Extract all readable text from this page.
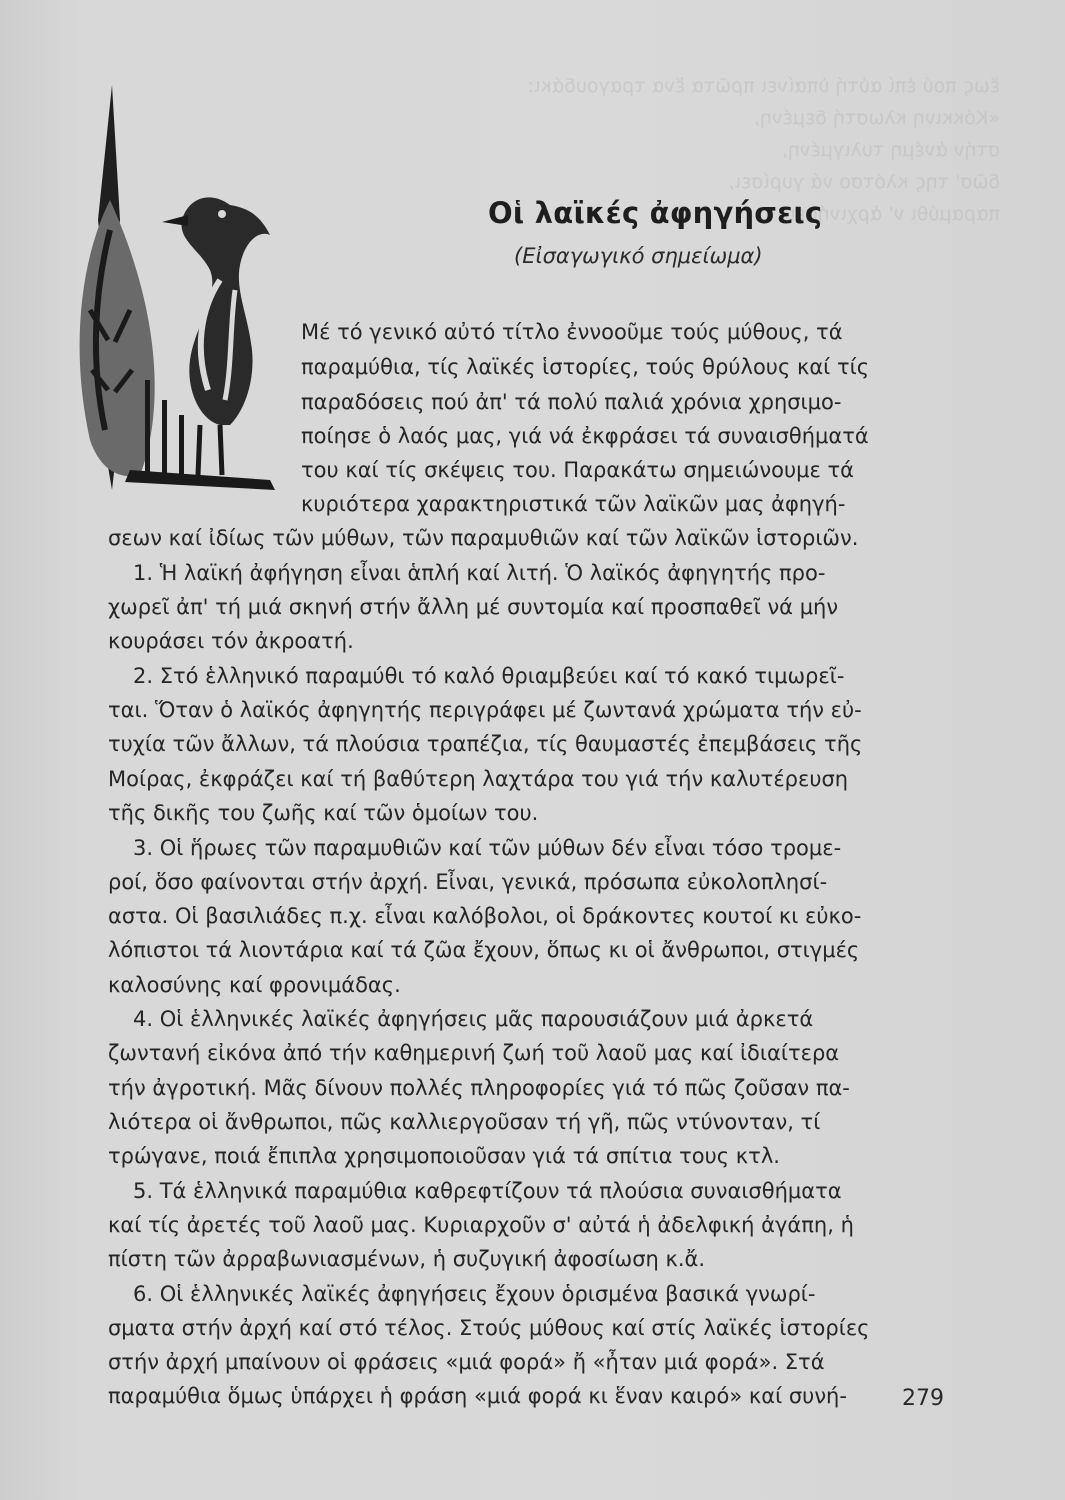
ἕως πού ἐπί αὐτή ὑπαίνει πρῶτα ἕνα τραγουδάκι:
«Κόκκινη κλωστή δεμένη,
στήν ἀνέμη τυλιγμένη,
δῶσ' της κλότσο νά γυρίσει,
παραμύθι ν' ἀρχινήσει»
Οἱ λαϊκές ἀφηγήσεις
(Εἰσαγωγικό σημείωμα)
Μέ τό γενικό αὐτό τίτλο ἐννοοῦμε τούς μύθους, τά
παραμύθια, τίς λαϊκές ἱστορίες, τούς θρύλους καί τίς
παραδόσεις πού ἀπ' τά πολύ παλιά χρόνια χρησιμο-
ποίησε ὁ λαός μας, γιά νά ἐκφράσει τά συναισθήματά
του καί τίς σκέψεις του. Παρακάτω σημειώνουμε τά
κυριότερα χαρακτηριστικά τῶν λαϊκῶν μας ἀφηγή-
σεων καί ἰδίως τῶν μύθων, τῶν παραμυθιῶν καί τῶν λαϊκῶν ἱστοριῶν.
1. Ἡ λαϊκή ἀφήγηση εἶναι ἁπλή καί λιτή. Ὁ λαϊκός ἀφηγητής προ-
χωρεῖ ἀπ' τή μιά σκηνή στήν ἄλλη μέ συντομία καί προσπαθεῖ νά μήν
κουράσει τόν ἀκροατή.
2. Στό ἑλληνικό παραμύθι τό καλό θριαμβεύει καί τό κακό τιμωρεῖ-
ται. Ὅταν ὁ λαϊκός ἀφηγητής περιγράφει μέ ζωντανά χρώματα τήν εὐ-
τυχία τῶν ἄλλων, τά πλούσια τραπέζια, τίς θαυμαστές ἐπεμβάσεις τῆς
Μοίρας, ἐκφράζει καί τή βαθύτερη λαχτάρα του γιά τήν καλυτέρευση
τῆς δικῆς του ζωῆς καί τῶν ὁμοίων του.
3. Οἱ ἥρωες τῶν παραμυθιῶν καί τῶν μύθων δέν εἶναι τόσο τρομε-
ροί, ὅσο φαίνονται στήν ἀρχή. Εἶναι, γενικά, πρόσωπα εὐκολοπλησί-
αστα. Οἱ βασιλιάδες π.χ. εἶναι καλόβολοι, οἱ δράκοντες κουτοί κι εὐκο-
λόπιστοι τά λιοντάρια καί τά ζῶα ἔχουν, ὅπως κι οἱ ἄνθρωποι, στιγμές
καλοσύνης καί φρονιμάδας.
4. Οἱ ἑλληνικές λαϊκές ἀφηγήσεις μᾶς παρουσιάζουν μιά ἀρκετά
ζωντανή εἰκόνα ἀπό τήν καθημερινή ζωή τοῦ λαοῦ μας καί ἰδιαίτερα
τήν ἀγροτική. Μᾶς δίνουν πολλές πληροφορίες γιά τό πῶς ζοῦσαν πα-
λιότερα οἱ ἄνθρωποι, πῶς καλλιεργοῦσαν τή γῆ, πῶς ντύνονταν, τί
τρώγανε, ποιά ἔπιπλα χρησιμοποιοῦσαν γιά τά σπίτια τους κτλ.
5. Τά ἑλληνικά παραμύθια καθρεφτίζουν τά πλούσια συναισθήματα
καί τίς ἀρετές τοῦ λαοῦ μας. Κυριαρχοῦν σ' αὐτά ἡ ἀδελφική ἀγάπη, ἡ
πίστη τῶν ἀρραβωνιασμένων, ἡ συζυγική ἀφοσίωση κ.ἄ.
6. Οἱ ἑλληνικές λαϊκές ἀφηγήσεις ἔχουν ὁρισμένα βασικά γνωρί-
σματα στήν ἀρχή καί στό τέλος. Στούς μύθους καί στίς λαϊκές ἱστορίες
στήν ἀρχή μπαίνουν οἱ φράσεις «μιά φορά» ἤ «ἦταν μιά φορά». Στά
παραμύθια ὅμως ὑπάρχει ἡ φράση «μιά φορά κι ἕναν καιρό» καί συνή-	279
